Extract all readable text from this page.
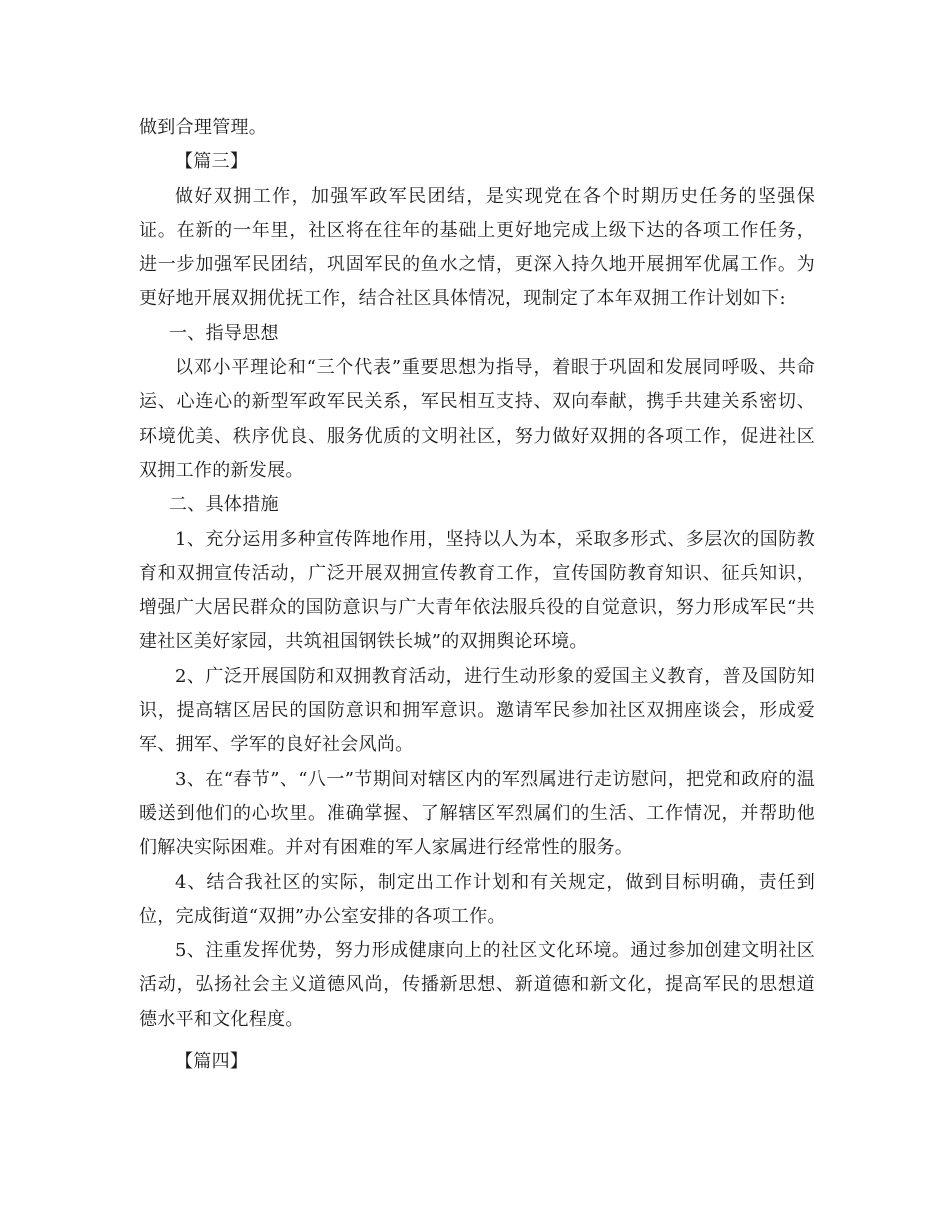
做到合理管理。

【篇三】

做好双拥工作，加强军政军民团结，是实现党在各个时期历史任务的坚强保证。在新的一年里，社区将在往年的基础上更好地完成上级下达的各项工作任务，进一步加强军民团结，巩固军民的鱼水之情，更深入持久地开展拥军优属工作。为更好地开展双拥优抚工作，结合社区具体情况，现制定了本年双拥工作计划如下:

一、指导思想

以邓小平理论和“三个代表”重要思想为指导，着眼于巩固和发展同呼吸、共命运、心连心的新型军政军民关系，军民相互支持、双向奉献，携手共建关系密切、环境优美、秩序优良、服务优质的文明社区，努力做好双拥的各项工作，促进社区双拥工作的新发展。

二、具体措施

1、充分运用多种宣传阵地作用，坚持以人为本，采取多形式、多层次的国防教育和双拥宣传活动，广泛开展双拥宣传教育工作，宣传国防教育知识、征兵知识，增强广大居民群众的国防意识与广大青年依法服兵役的自觉意识，努力形成军民“共建社区美好家园，共筑祖国钢铁长城”的双拥舆论环境。

2、广泛开展国防和双拥教育活动，进行生动形象的爱国主义教育，普及国防知识，提高辖区居民的国防意识和拥军意识。邀请军民参加社区双拥座谈会，形成爱军、拥军、学军的良好社会风尚。

3、在“春节”、“八一”节期间对辖区内的军烈属进行走访慰问，把党和政府的温暖送到他们的心坎里。准确掌握、了解辖区军烈属们的生活、工作情况，并帮助他们解决实际困难。并对有困难的军人家属进行经常性的服务。

4、结合我社区的实际，制定出工作计划和有关规定，做到目标明确，责任到位，完成街道“双拥”办公室安排的各项工作。

5、注重发挥优势，努力形成健康向上的社区文化环境。通过参加创建文明社区活动，弘扬社会主义道德风尚，传播新思想、新道德和新文化，提高军民的思想道德水平和文化程度。

【篇四】
